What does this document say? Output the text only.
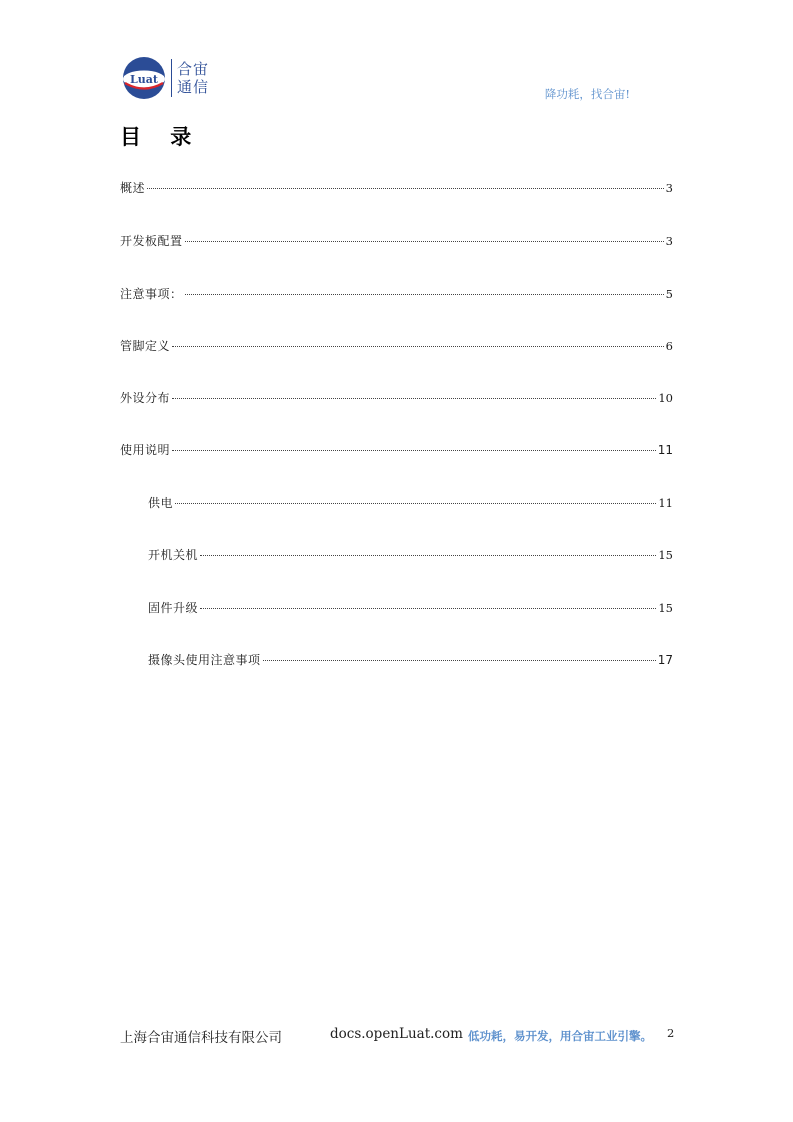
Luat
合宙
通信	降功耗，找合宙!
目 录
概述	3
开发板配置	3
注意事项：	5
管脚定义	6
外设分布	10
使用说明	11
供电	11
开机关机	15
固件升级	15
摄像头使用注意事项	17
上海合宙通信科技有限公司	docs.openLuat.com 低功耗，易开发，用合宙工业引擎。 2
